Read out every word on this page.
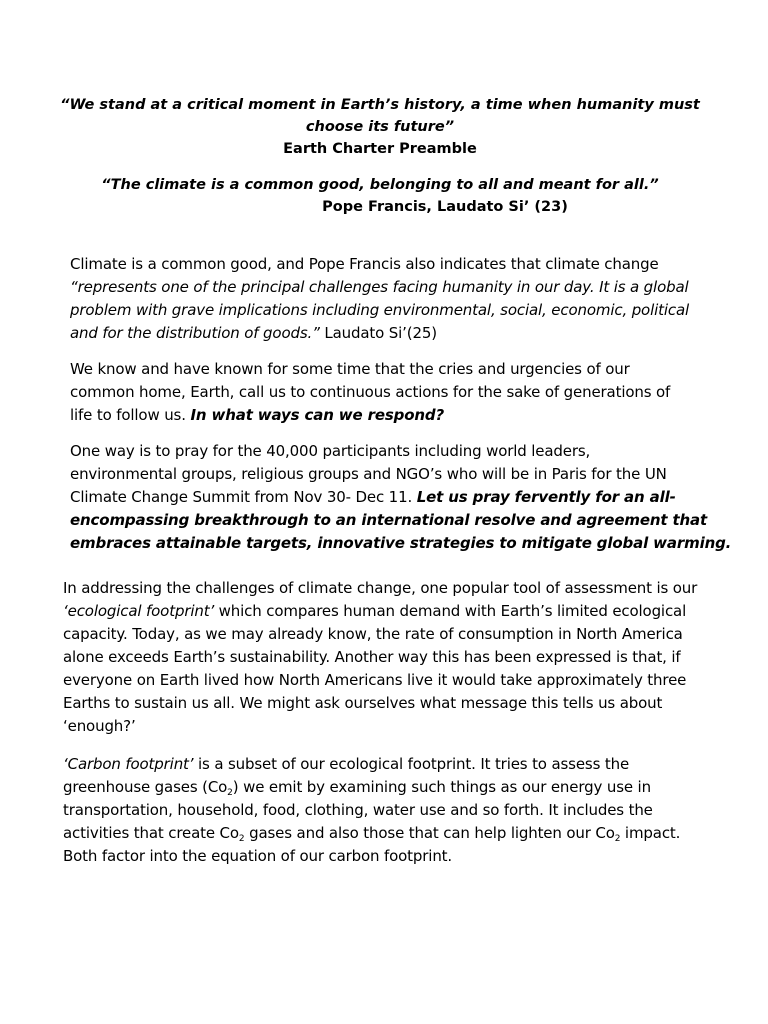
“We stand at a critical moment in Earth’s history, a time when humanity must
choose its future”
Earth Charter Preamble
“The climate is a common good, belonging to all and meant for all.”
Pope Francis, Laudato Si’ (23)
Climate is a common good, and Pope Francis also indicates that climate change
“represents one of the principal challenges facing humanity in our day. It is a global
problem with grave implications including environmental, social, economic, political
and for the distribution of goods.” Laudato Si’(25)
We know and have known for some time that the cries and urgencies of our
common home, Earth, call us to continuous actions for the sake of generations of
life to follow us. In what ways can we respond?
One way is to pray for the 40,000 participants including world leaders,
environmental groups, religious groups and NGO’s who will be in Paris for the UN
Climate Change Summit from Nov 30- Dec 11. Let us pray fervently for an all-
encompassing breakthrough to an international resolve and agreement that
embraces attainable targets, innovative strategies to mitigate global warming.
In addressing the challenges of climate change, one popular tool of assessment is our
‘ecological footprint’ which compares human demand with Earth’s limited ecological
capacity. Today, as we may already know, the rate of consumption in North America
alone exceeds Earth’s sustainability. Another way this has been expressed is that, if
everyone on Earth lived how North Americans live it would take approximately three
Earths to sustain us all. We might ask ourselves what message this tells us about
‘enough?’
‘Carbon footprint’ is a subset of our ecological footprint. It tries to assess the
greenhouse gases $(Co_2)$ we emit by examining such things as our energy use in
transportation, household, food, clothing, water use and so forth. It includes the
activities that create $Co_2$ gases and also those that can help lighten our $Co_2$ impact.
Both factor into the equation of our carbon footprint.
